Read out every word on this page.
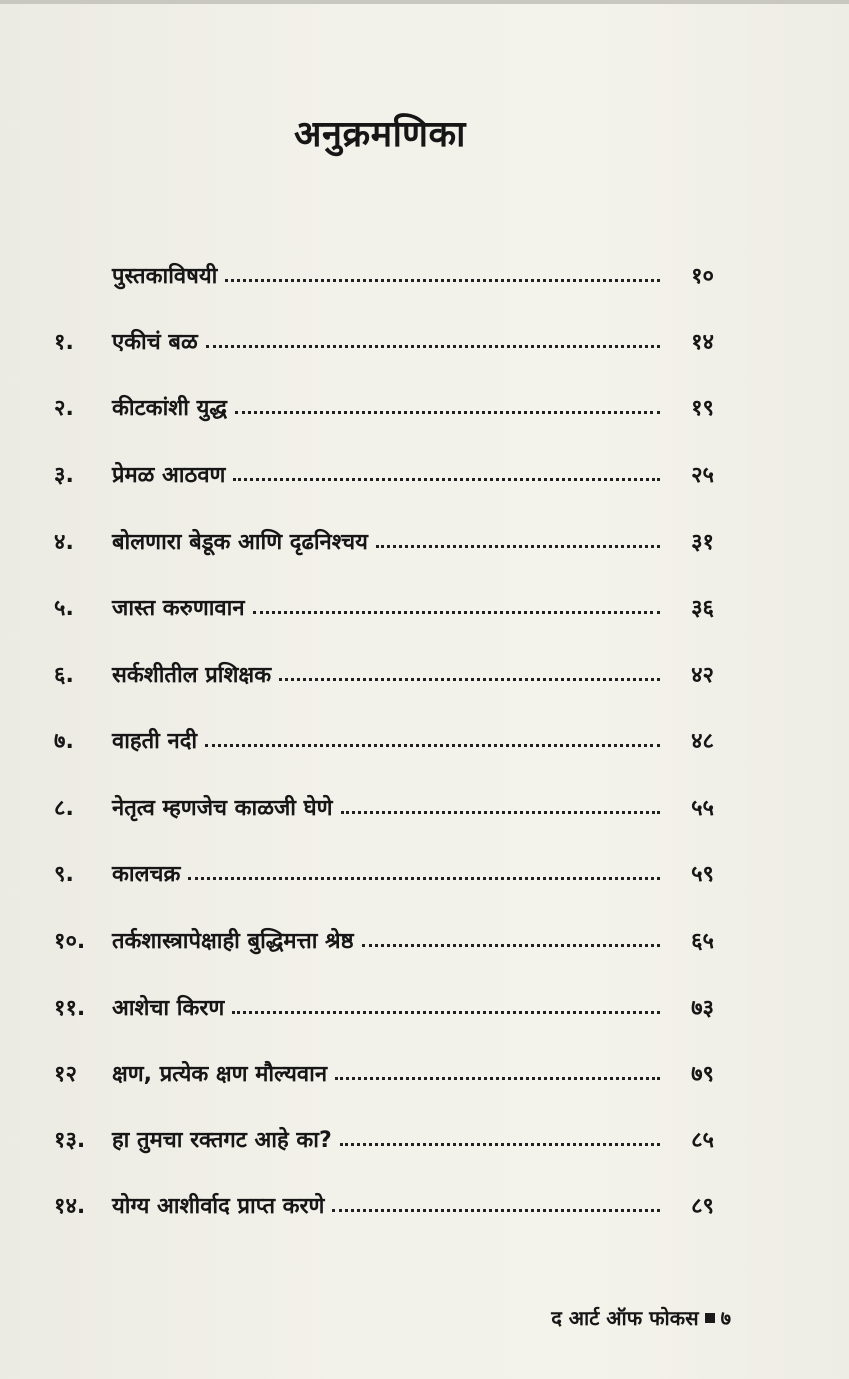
अनुक्रमणिका
पुस्तकाविषयी	१०
१.	एकीचं बळ	१४
२.	कीटकांशी युद्ध	१९
३.	प्रेमळ आठवण	२५
४.	बोलणारा बेडूक आणि दृढनिश्चय	३१
५.	जास्त करुणावान	३६
६.	सर्कशीतील प्रशिक्षक	४२
७.	वाहती नदी	४८
८.	नेतृत्व म्हणजेच काळजी घेणे	५५
९.	कालचक्र	५९
१०.	तर्कशास्त्रापेक्षाही बुद्धिमत्ता श्रेष्ठ	६५
११.	आशेचा किरण	७३
१२	क्षण, प्रत्येक क्षण मौल्यवान	७९
१३.	हा तुमचा रक्तगट आहे का?	८५
१४.	योग्य आशीर्वाद प्राप्त करणे	८९
द आर्ट ऑफ फोकस ७
